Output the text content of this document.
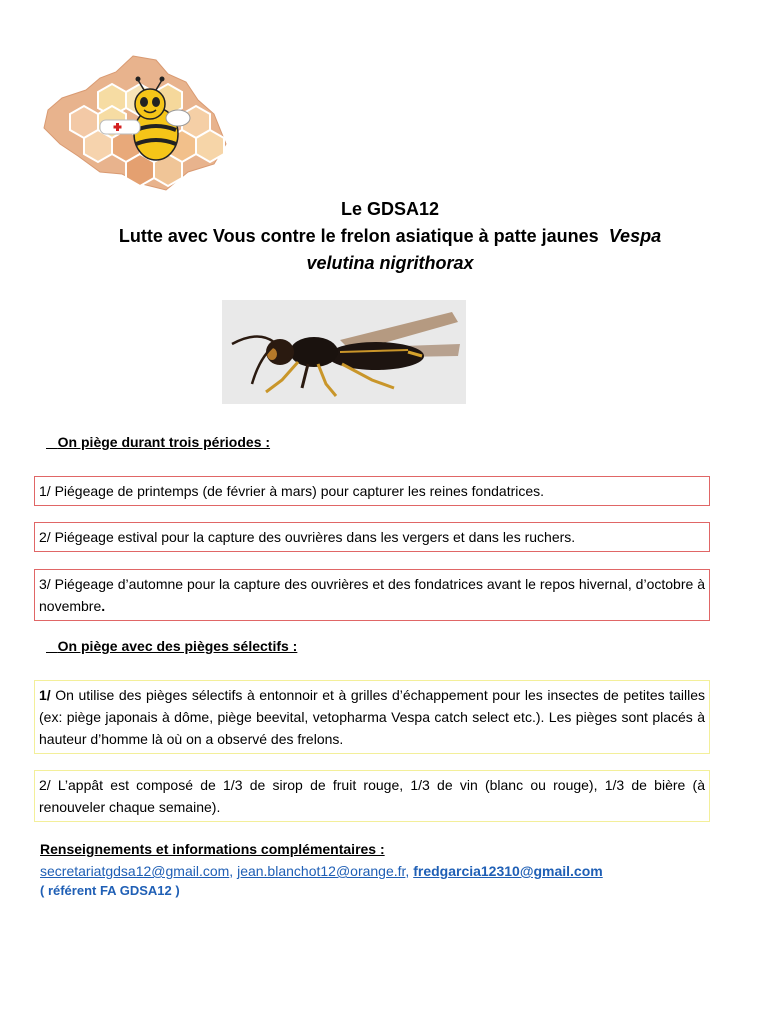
Le GDSA12
Lutte avec Vous contre le frelon asiatique à patte jaunes Vespa
velutina nigrithorax
On piège durant trois périodes :
1/ Piégeage de printemps (de février à mars) pour capturer les reines fondatrices.
2/ Piégeage estival pour la capture des ouvrières dans les vergers et dans les ruchers.
3/ Piégeage d’automne pour la capture des ouvrières et des fondatrices avant le repos hivernal, d’octobre à novembre.
On piège avec des pièges sélectifs :
1/ On utilise des pièges sélectifs à entonnoir et à grilles d’échappement pour les insectes de petites tailles (ex: piège japonais à dôme, piège beevital, vetopharma Vespa catch select etc.). Les pièges sont placés à hauteur d’homme là où on a observé des frelons.
2/ L’appât est composé de 1/3 de sirop de fruit rouge, 1/3 de vin (blanc ou rouge), 1/3 de bière (à renouveler chaque semaine).
Renseignements et informations complémentaires :
secretariatgdsa12@gmail.com, jean.blanchot12@orange.fr, fredgarcia12310@gmail.com
( référent FA GDSA12 )
